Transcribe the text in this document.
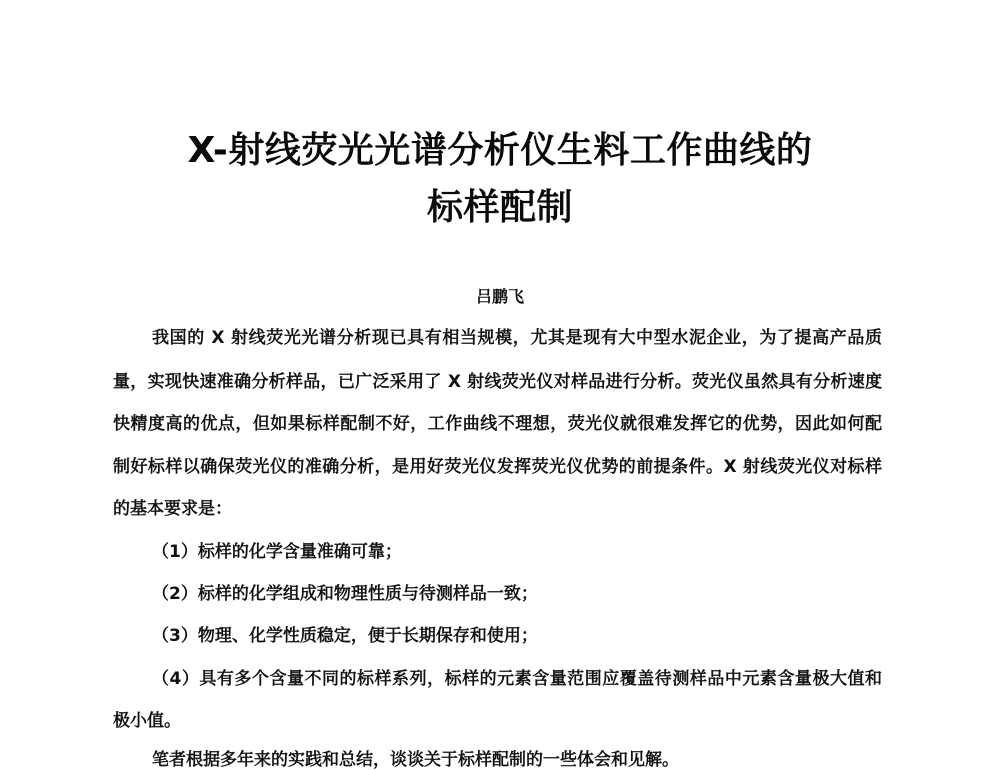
X-射线荧光光谱分析仪生料工作曲线的
标样配制
吕鹏飞
我国的 X 射线荧光光谱分析现已具有相当规模，尤其是现有大中型水泥企业，为了提高产品质
量，实现快速准确分析样品，已广泛采用了 X 射线荧光仪对样品进行分析。荧光仪虽然具有分析速度
快精度高的优点，但如果标样配制不好，工作曲线不理想，荧光仪就很难发挥它的优势，因此如何配
制好标样以确保荧光仪的准确分析，是用好荧光仪发挥荧光仪优势的前提条件。X 射线荧光仪对标样
的基本要求是：
（1）标样的化学含量准确可靠；
（2）标样的化学组成和物理性质与待测样品一致；
（3）物理、化学性质稳定，便于长期保存和使用；
（4）具有多个含量不同的标样系列，标样的元素含量范围应覆盖待测样品中元素含量极大值和
极小值。
笔者根据多年来的实践和总结，谈谈关于标样配制的一些体会和见解。
